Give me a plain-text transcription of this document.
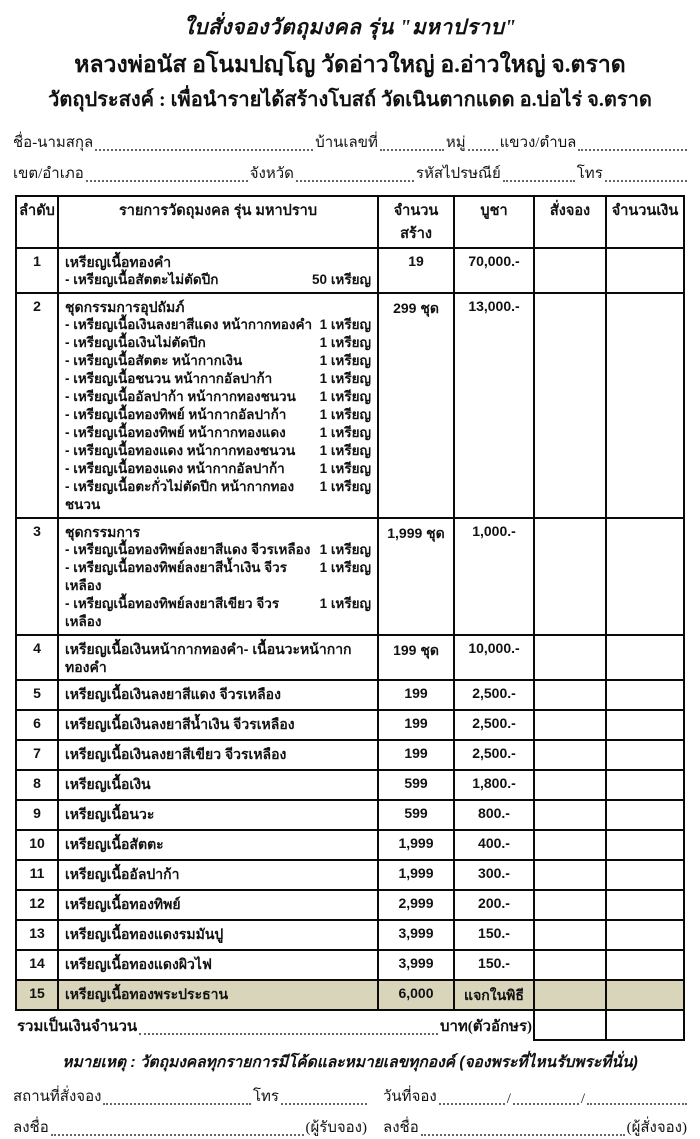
ใบสั่งจองวัตถุมงคล รุ่น "มหาปราบ"
หลวงพ่อนัส อโนมปญฺโญ วัดอ่าวใหญ่ อ.อ่าวใหญ่ จ.ตราด
วัตถุประสงค์ : เพื่อนำรายได้สร้างโบสถ์ วัดเนินตากแดด อ.บ่อไร่ จ.ตราด
ชื่อ-นามสกุล	บ้านเลขที่	หมู่ แขวง/ตำบล
เขต/อำเภอ	จังหวัด	รหัสไปรษณีย์	โทร
ลำดับ	รายการวัดถุมงคล รุ่น มหาปราบ	จำนวนสร้าง	บูชา	สั่งจอง	จำนวนเงิน
1	เหรียญเนื้อทองคำ
- เหรียญเนื้อสัตตะไม่ตัดปีก 50 เหรียญ	19	70,000.-		
2	ชุดกรรมการอุปถัมภ์
- เหรียญเนื้อเงินลงยาสีแดง หน้ากากทองคำ 1 เหรียญ
- เหรียญเนื้อเงินไม่ตัดปีก	1 เหรียญ
- เหรียญเนื้อสัตตะ หน้ากากเงิน	1 เหรียญ
- เหรียญเนื้อชนวน หน้ากากอัลปาก้า	1 เหรียญ
- เหรียญเนื้ออัลปาก้า หน้ากากทองชนวน 1 เหรียญ
- เหรียญเนื้อทองทิพย์ หน้ากากอัลปาก้า 1 เหรียญ
- เหรียญเนื้อทองทิพย์ หน้ากากทองแดง	1 เหรียญ
- เหรียญเนื้อทองแดง หน้ากากทองชนวน 1 เหรียญ
- เหรียญเนื้อทองแดง หน้ากากอัลปาก้า	1 เหรียญ
- เหรียญเนื้อตะกั่วไม่ตัดปีก หน้ากากทองชนวน
1 เหรียญ
	299 ชุด	13,000.-		
3	ชุดกรรมการ
- เหรียญเนื้อทองทิพย์ลงยาสีแดง จีวรเหลือง 1 เหรียญ
- เหรียญเนื้อทองทิพย์ลงยาสีน้ำเงิน จีวรเหลือง
1 เหรียญ
- เหรียญเนื้อทองทิพย์ลงยาสีเขียว จีวรเหลือง
1 เหรียญ
	1,999 ชุด	1,000.-		
4	เหรียญเนื้อเงินหน้ากากทองคำ- เนื้อนวะหน้ากากทองคำ	199 ชุด	10,000.-		
5	เหรียญเนื้อเงินลงยาสีแดง จีวรเหลือง	199	2,500.-		
6	เหรียญเนื้อเงินลงยาสีน้ำเงิน จีวรเหลือง	199	2,500.-		
7	เหรียญเนื้อเงินลงยาสีเขียว จีวรเหลือง	199	2,500.-		
8	เหรียญเนื้อเงิน	599	1,800.-		
9	เหรียญเนื้อนวะ	599	800.-		
10	เหรียญเนื้อสัตตะ	1,999	400.-		
11	เหรียญเนื้ออัลปาก้า	1,999	300.-		
12	เหรียญเนื้อทองทิพย์	2,999	200.-		
13	เหรียญเนื้อทองแดงรมมันปู	3,999	150.-		
14	เหรียญเนื้อทองแดงผิวไฟ	3,999	150.-		
15	เหรียญเนื้อทองพระประธาน	6,000	แจกในพิธี		

รวมเป็นเงินจำนวน บาท(ตัวอักษร)					

หมายเหตุ : วัตถุมงคลทุกรายการมีโค้ดและหมายเลขทุกองค์ (จองพระที่ไหนรับพระที่นั่น)
สถานที่สั่งจอง	โทร
ลงชื่อ	(ผู้รับจอง)
วันที่จอง	/	/
ลงชื่อ	(ผู้สั่งจอง)
